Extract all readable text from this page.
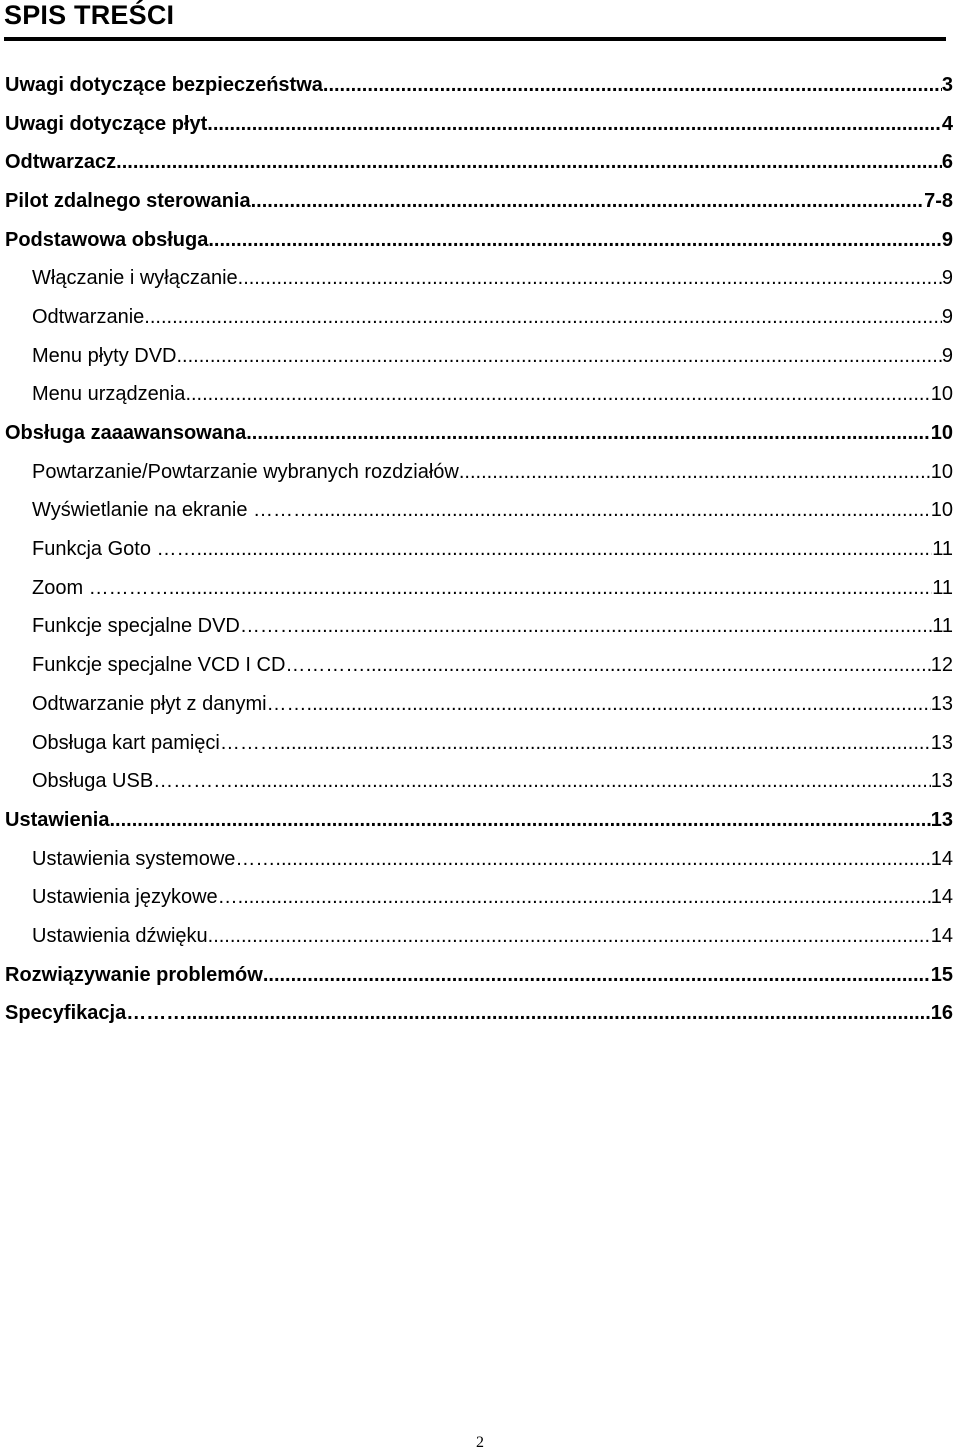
SPIS TREŚCI
Uwagi dotyczące bezpieczeństwa .....	3
Uwagi dotyczące płyt .....	4
Odtwarzacz .....	6
Pilot zdalnego sterowania .....	7-8
Podstawowa obsługa .....	9
Włączanie i wyłączanie .....	9
Odtwarzanie .....	9
Menu płyty DVD .....	9
Menu urządzenia .....	10
Obsługa zaaawansowana .....	10
Powtarzanie/Powtarzanie wybranych rozdziałów .....	10
Wyświetlanie na ekranie ……… .....	10
Funkcja Goto …… .....	11
Zoom ………… .....	11
Funkcje specjalne DVD……… .....	11
Funkcje specjalne VCD I CD………… .....	12
Odtwarzanie płyt z danymi……. .....	13
Obsługa kart pamięci……… .....	13
Obsługa USB………… .....	13
Ustawienia .....	13
Ustawienia systemowe…… .....	14
Ustawienia językowe… .....	14
Ustawienia dźwięku .....	14
Rozwiązywanie problemów .....	15
Specyfikacja……… .....	16
2
